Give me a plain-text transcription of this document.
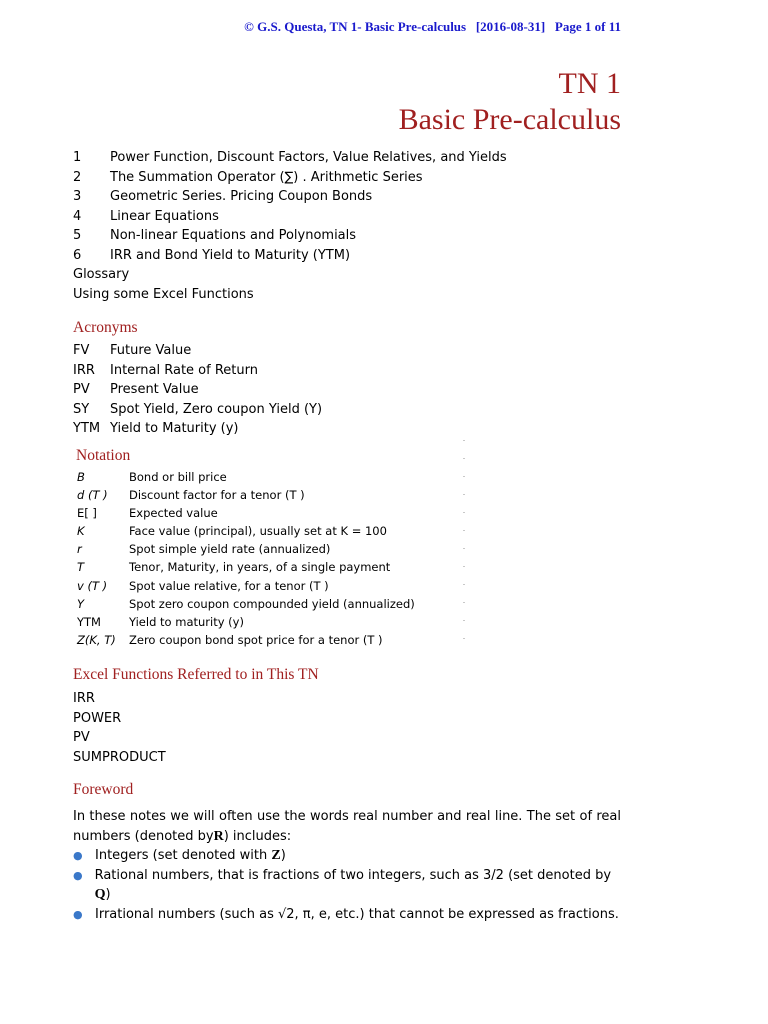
© G.S. Questa, TN 1- Basic Pre-calculus   [2016-08-31]   Page 1 of 11
TN 1
Basic Pre-calculus
1	Power Function, Discount Factors, Value Relatives, and Yields
2	The Summation Operator (∑) . Arithmetic Series
3	Geometric Series. Pricing Coupon Bonds
4	Linear Equations
5	Non-linear Equations and Polynomials
6	IRR and Bond Yield to Maturity (YTM)
Glossary
Using some Excel Functions
Acronyms
FV	Future Value
IRR	Internal Rate of Return
PV	Present Value
SY	Spot Yield, Zero coupon Yield (Y)
YTM Yield to Maturity (y)
Notation
B	Bond or bill price
d (T )	Discount factor for a tenor (T )
E[ ]	Expected value
K	Face value (principal), usually set at K = 100
r	Spot simple yield rate (annualized)
T	Tenor, Maturity, in years, of a single payment
v (T )	Spot value relative, for a tenor (T )
Y	Spot zero coupon compounded yield (annualized)
YTM	Yield to maturity (y)
Z(K, T)	Zero coupon bond spot price for a tenor (T )
Excel Functions Referred to in This TN
IRR
POWER
PV
SUMPRODUCT
Foreword

In these notes we will often use the words real number and real line. The set of real numbers (denoted byR) includes:

● Integers (set denoted with Z)
● Rational numbers, that is fractions of two integers, such as 3/2 (set denoted by Q)
● Irrational numbers (such as √2, π, e, etc.) that cannot be expressed as fractions.
